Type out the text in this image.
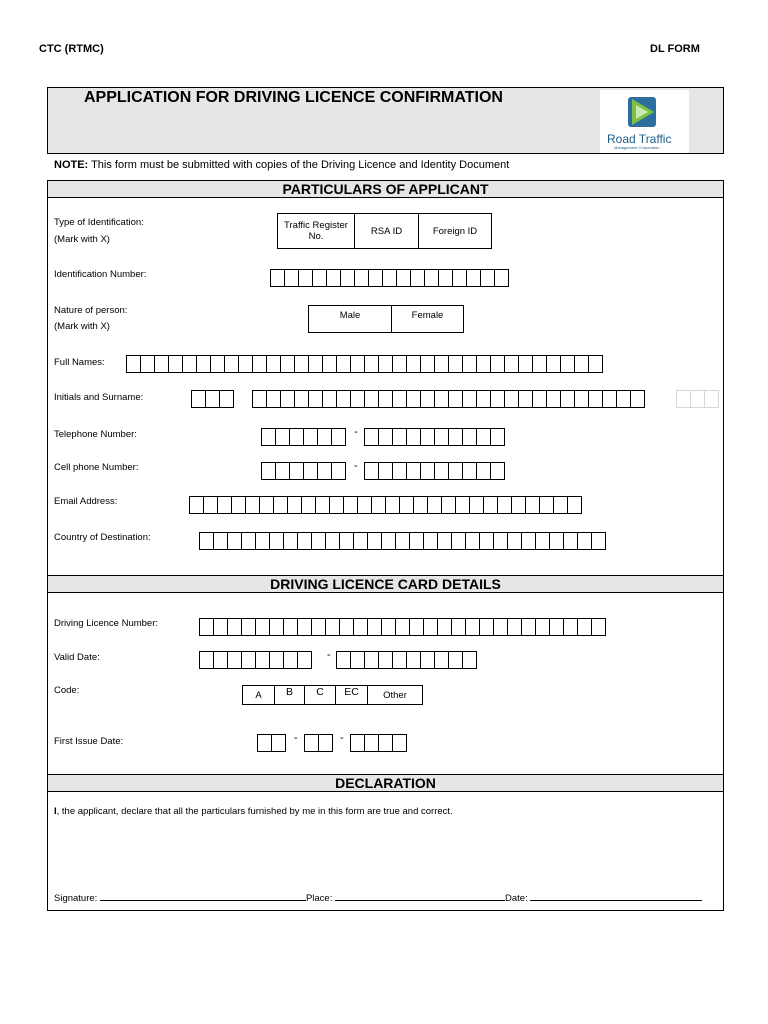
CTC (RTMC)	DL FORM
APPLICATION FOR DRIVING LICENCE CONFIRMATION
Road Traffic
Management Corporation
NOTE: This form must be submitted with copies of the Driving Licence and Identity Document
PARTICULARS OF APPLICANT
Type of Identification:
(Mark with X)
Traffic Register No.	RSA ID	Foreign ID
Identification Number:
Nature of person:
(Mark with X)
Male	Female
Full Names:
Initials and Surname:
Telephone Number:	-
Cell phone Number:	-
Email Address:
Country of Destination:
DRIVING LICENCE CARD DETAILS
Driving Licence Number:
Valid Date:	-
Code:	A	B	C	EC	Other
First Issue Date:	-	-
DECLARATION
I, the applicant, declare that all the particulars furnished by me in this form are true and correct.
Signature:	Place:	Date:
